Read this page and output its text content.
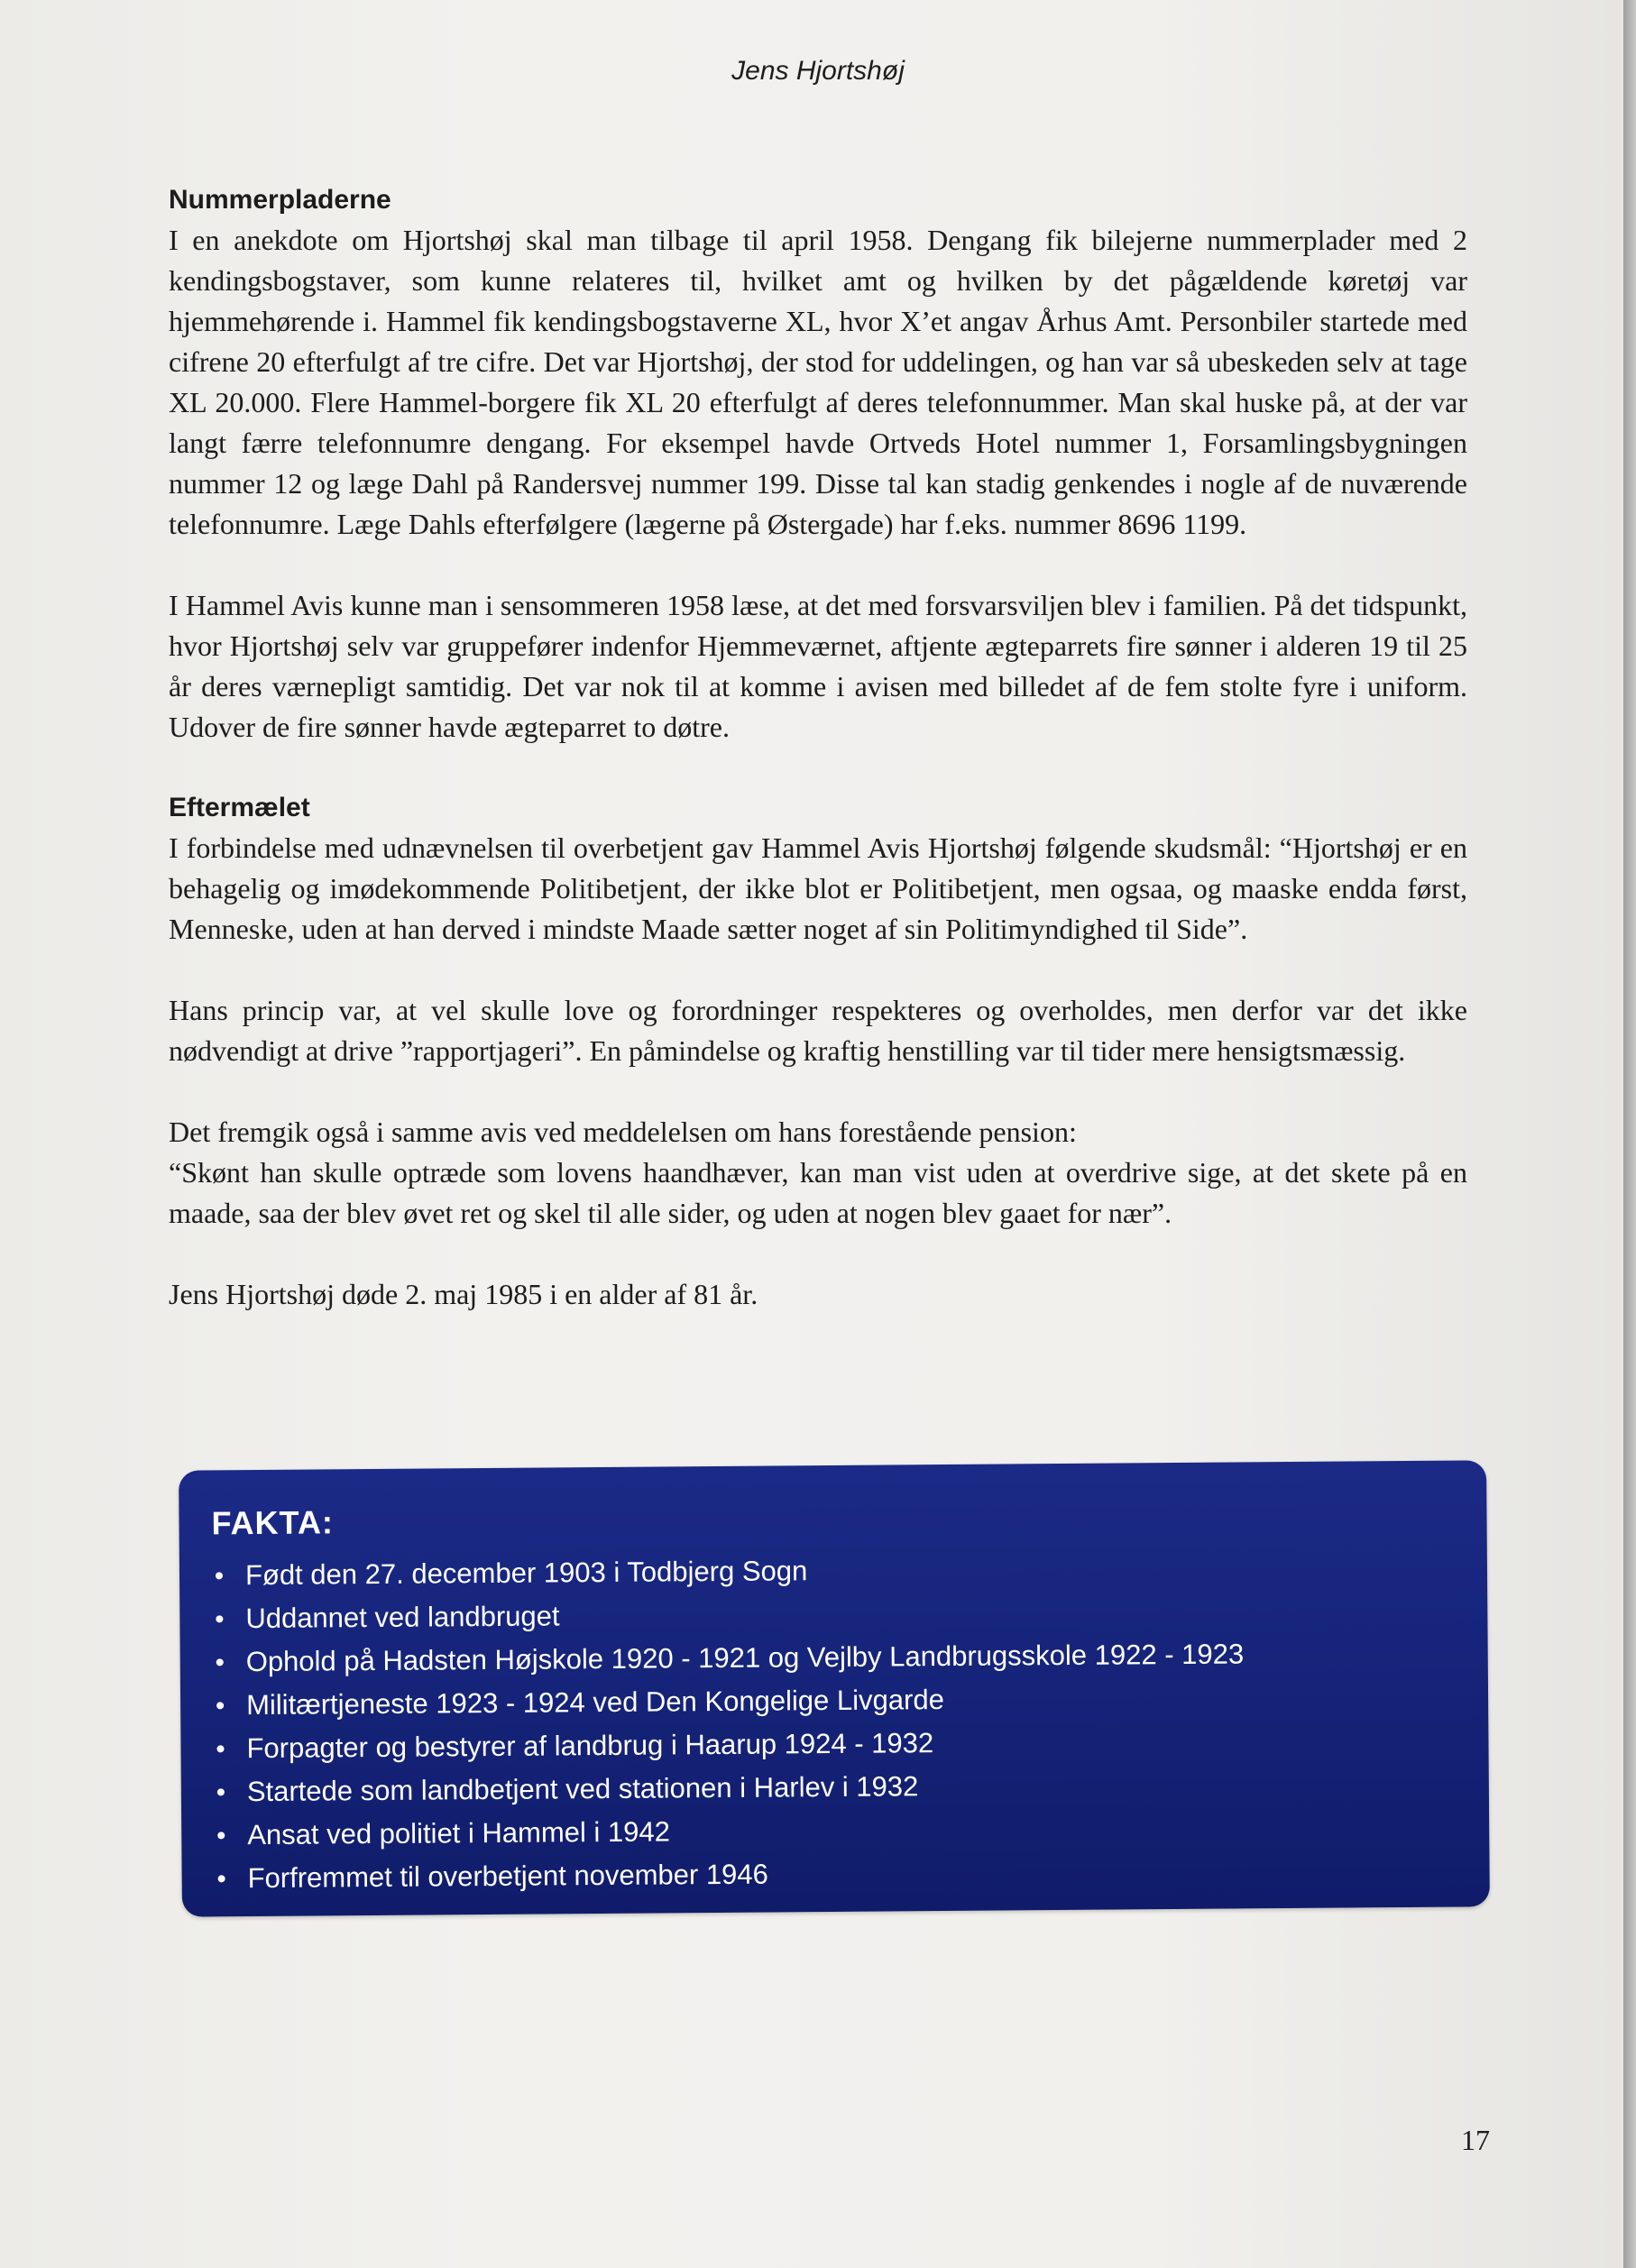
Jens Hjortshøj
Nummerpladerne

I en anekdote om Hjortshøj skal man tilbage til april 1958. Dengang fik bilejerne nummerplader med 2 kendingsbogstaver, som kunne relateres til, hvilket amt og hvilken by det pågældende køretøj var hjemmehørende i. Hammel fik kendingsbogstaverne XL, hvor X’et angav Århus Amt. Personbiler startede med cifrene 20 efterfulgt af tre cifre. Det var Hjortshøj, der stod for uddelingen, og han var så ubeskeden selv at tage XL 20.000. Flere Hammel-borgere fik XL 20 efterfulgt af deres telefonnummer. Man skal huske på, at der var langt færre telefonnumre dengang. For eksempel havde Ortveds Hotel nummer 1, Forsamlingsbygningen nummer 12 og læge Dahl på Randersvej nummer 199. Disse tal kan stadig genkendes i nogle af de nuværende telefonnumre. Læge Dahls efterfølgere (lægerne på Østergade) har f.eks. nummer 8696 1199.

I Hammel Avis kunne man i sensommeren 1958 læse, at det med forsvarsviljen blev i familien. På det tidspunkt, hvor Hjortshøj selv var gruppefører indenfor Hjemmeværnet, aftjente ægteparrets fire sønner i alderen 19 til 25 år deres værnepligt samtidig. Det var nok til at komme i avisen med billedet af de fem stolte fyre i uniform. Udover de fire sønner havde ægteparret to døtre.

Eftermælet

I forbindelse med udnævnelsen til overbetjent gav Hammel Avis Hjortshøj følgende skudsmål: “Hjortshøj er en behagelig og imødekommende Politibetjent, der ikke blot er Politibetjent, men ogsaa, og maaske endda først, Menneske, uden at han derved i mindste Maade sætter noget af sin Politimyndighed til Side”.

Hans princip var, at vel skulle love og forordninger respekteres og overholdes, men derfor var det ikke nødvendigt at drive ”rapportjageri”. En påmindelse og kraftig henstilling var til tider mere hensigtsmæssig.

Det fremgik også i samme avis ved meddelelsen om hans forestående pension:

“Skønt han skulle optræde som lovens haandhæver, kan man vist uden at overdrive sige, at det skete på en maade, saa der blev øvet ret og skel til alle sider, og uden at nogen blev gaaet for nær”.

Jens Hjortshøj døde 2. maj 1985 i en alder af 81 år.

FAKTA:
Født den 27. december 1903 i Todbjerg Sogn
Uddannet ved landbruget
Ophold på Hadsten Højskole 1920 - 1921 og Vejlby Landbrugsskole 1922 - 1923
Militærtjeneste 1923 - 1924 ved Den Kongelige Livgarde
Forpagter og bestyrer af landbrug i Haarup 1924 - 1932
Startede som landbetjent ved stationen i Harlev i 1932
Ansat ved politiet i Hammel i 1942
Forfremmet til overbetjent november 1946
17
